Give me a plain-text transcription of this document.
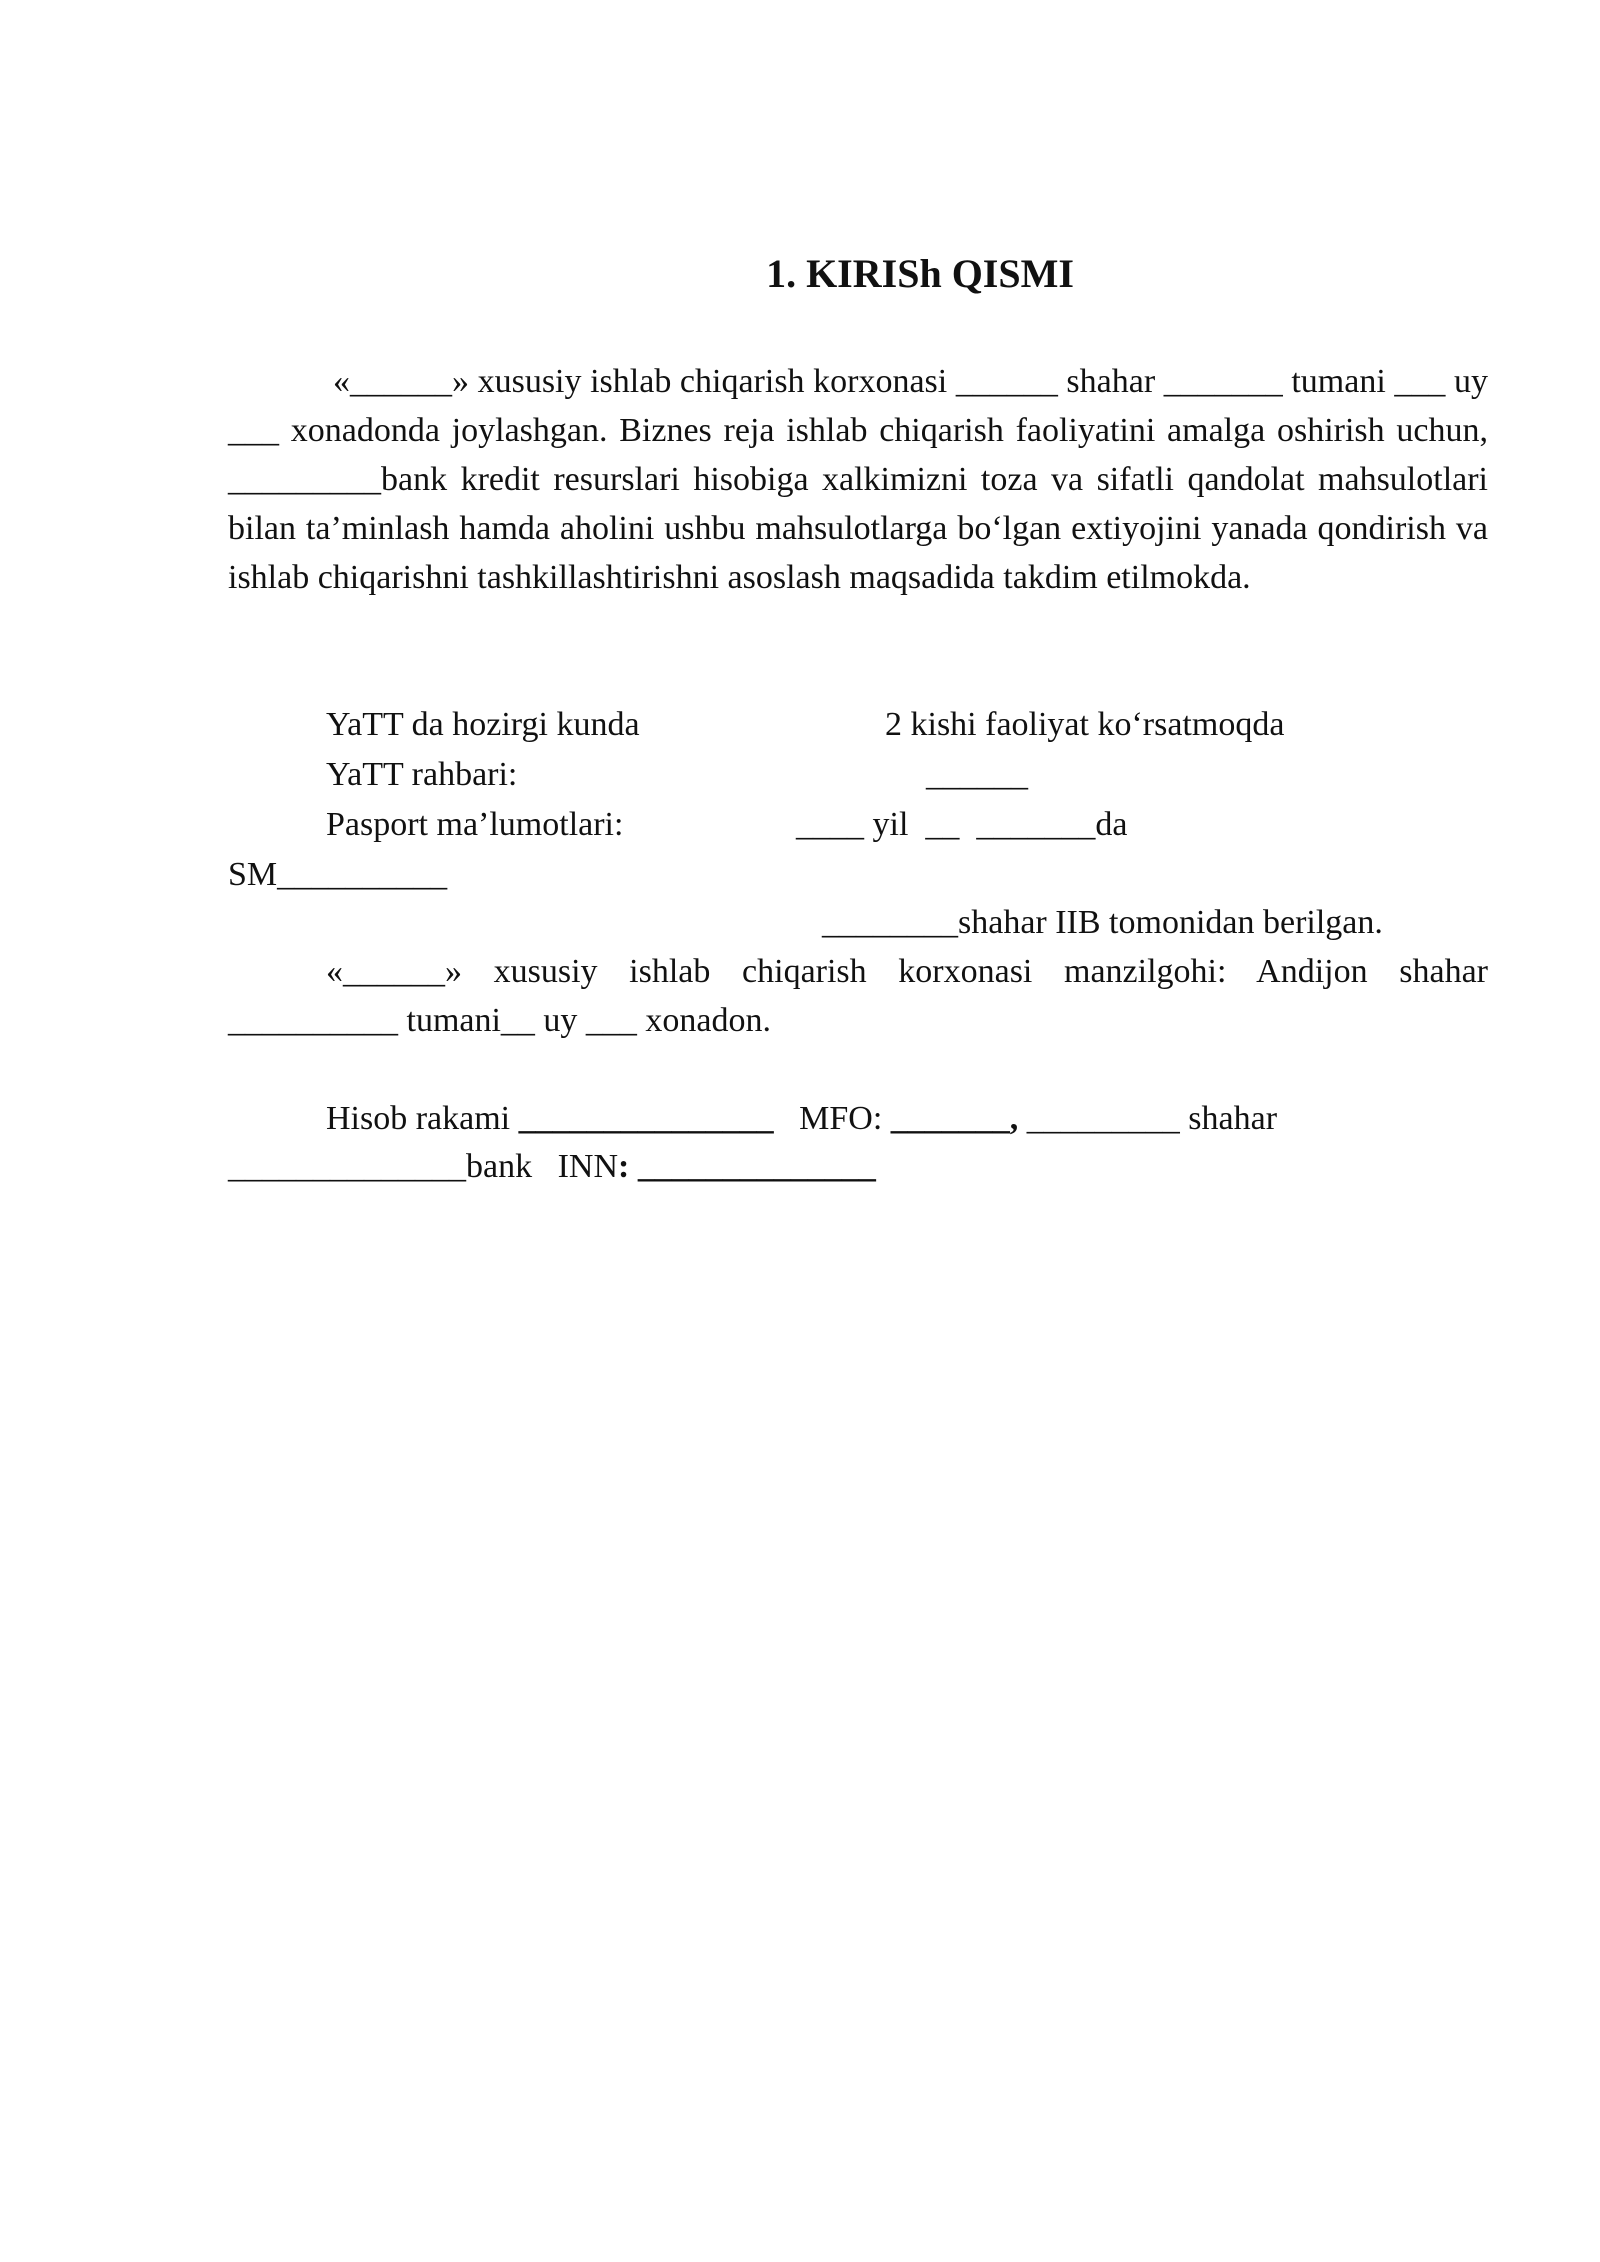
1. KIRISh QISMI

«______» xususiy ishlab chiqarish korxonasi ______ shahar _______ tumani ___ uy ___ xonadonda joylashgan. Biznes reja ishlab chiqarish faoliyatini amalga oshirish uchun, _________bank kredit resurslari hisobiga xalkimizni toza va sifatli qandolat mahsulotlari bilan ta’minlash hamda aholini ushbu mahsulotlarga bo‘lgan extiyojini yanada qondirish va ishlab chiqarishni tashkillashtirishni asoslash maqsadida takdim etilmokda.

YaTT da hozirgi kunda	2 kishi faoliyat ko‘rsatmoqda
YaTT rahbari:	______
Pasport ma’lumotlari:	____ yil  __  _______da
SM__________
________shahar IIB tomonidan berilgan.

«______» xususiy ishlab chiqarish korxonasi manzilgohi: Andijon shahar __________ tumani__ uy ___ xonadon.

Hisob rakami _______________ MFO: _______, _________ shahar
______________bank INN: ______________
